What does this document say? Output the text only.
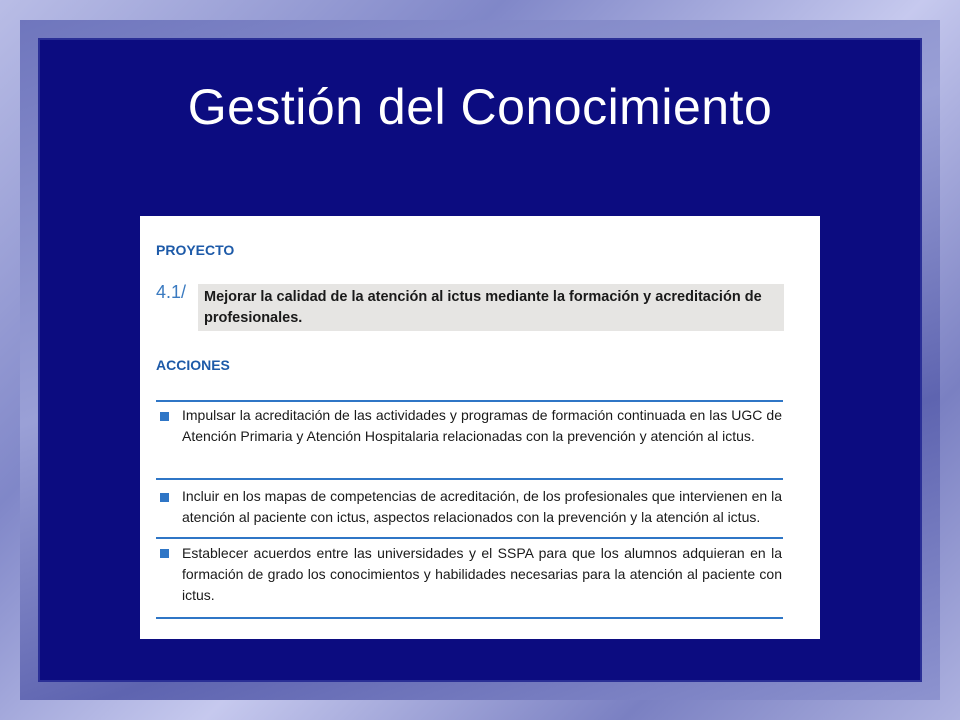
Gestión del Conocimiento
PROYECTO
4.1/ Mejorar la calidad de la atención al ictus mediante la formación y acreditación de profesionales.
ACCIONES
Impulsar la acreditación de las actividades y programas de formación continuada en las UGC de Atención Primaria y Atención Hospitalaria relacionadas con la prevención y atención al ictus.
Incluir en los mapas de competencias de acreditación, de los profesionales que intervienen en la atención al paciente con ictus, aspectos relacionados con la prevención y la atención al ictus.
Establecer acuerdos entre las universidades y el SSPA para que los alumnos adquieran en la formación de grado los conocimientos y habilidades necesarias para la atención al paciente con ictus.
